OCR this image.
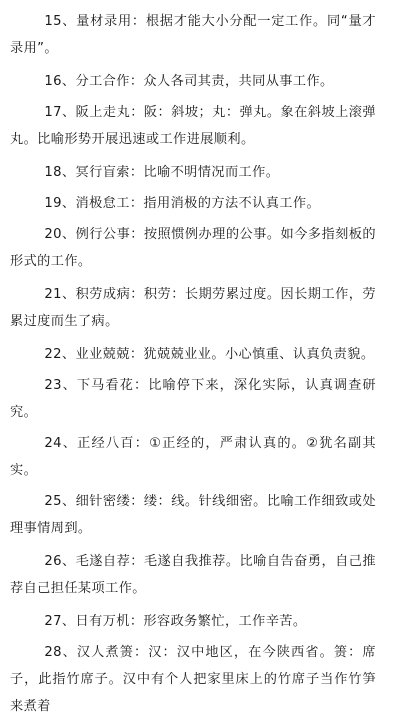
15、量材录用：根据才能大小分配一定工作。同“量才录用”。

16、分工合作：众人各司其责，共同从事工作。

17、阪上走丸：阪：斜坡；丸：弹丸。象在斜坡上滚弹丸。比喻形势开展迅速或工作进展顺利。

18、冥行盲索：比喻不明情况而工作。

19、消极怠工：指用消极的方法不认真工作。

20、例行公事：按照惯例办理的公事。如今多指刻板的形式的工作。

21、积劳成病：积劳：长期劳累过度。因长期工作，劳累过度而生了病。

22、业业兢兢：犹兢兢业业。小心慎重、认真负责貌。

23、下马看花：比喻停下来，深化实际，认真调查研究。

24、正经八百：①正经的，严肃认真的。②犹名副其实。

25、细针密缕：缕：线。针线细密。比喻工作细致或处理事情周到。

26、毛遂自荐：毛遂自我推荐。比喻自告奋勇，自己推荐自己担任某项工作。

27、日有万机：形容政务繁忙，工作辛苦。

28、汉人煮箦：汉：汉中地区，在今陕西省。箦：席子，此指竹席子。汉中有个人把家里床上的竹席子当作竹笋来煮着
